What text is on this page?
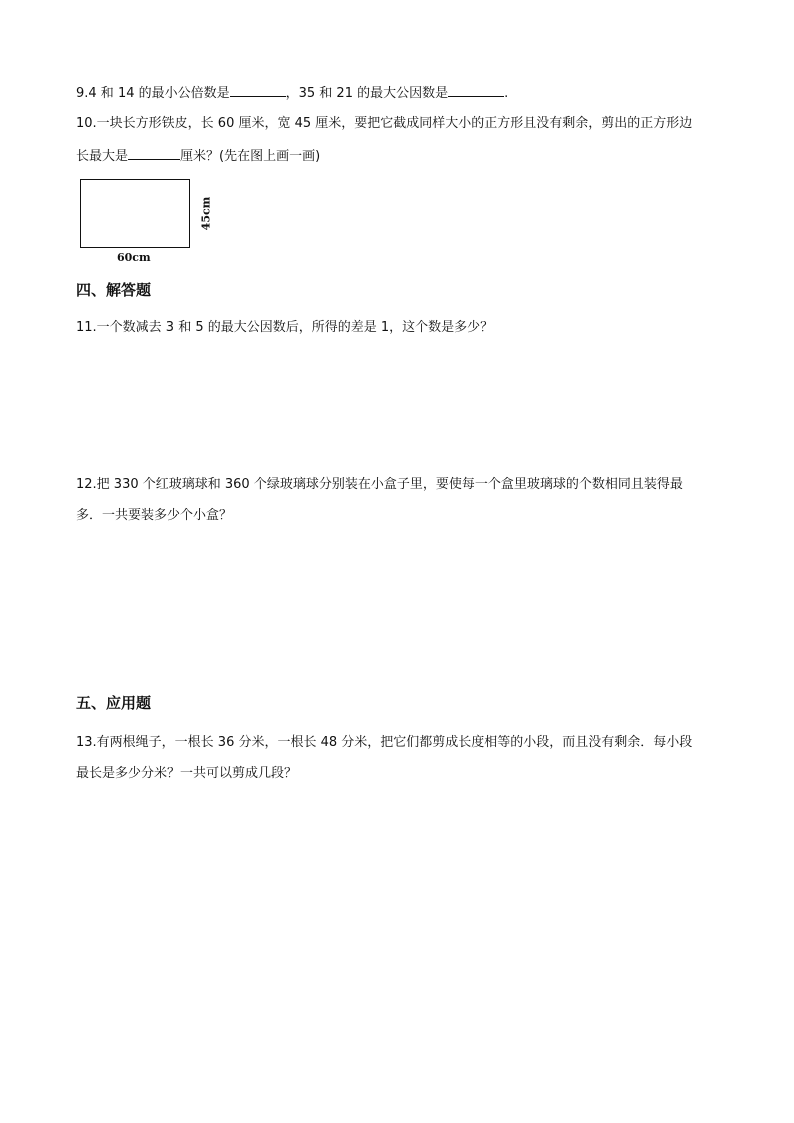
9.4 和 14 的最小公倍数是	，35 和 21 的最大公因数是	.
10.一块长方形铁皮，长 60 厘米，宽 45 厘米，要把它截成同样大小的正方形且没有剩余，剪出的正方形边
长最大是	厘米？(先在图上画一画)
60cm
45cm
四、解答题
11.一个数减去 3 和 5 的最大公因数后，所得的差是 1，这个数是多少？
12.把 330 个红玻璃球和 360 个绿玻璃球分别装在小盒子里，要使每一个盒里玻璃球的个数相同且装得最
多．一共要装多少个小盒？
五、应用题
13.有两根绳子，一根长 36 分米，一根长 48 分米，把它们都剪成长度相等的小段，而且没有剩余．每小段
最长是多少分米？一共可以剪成几段？
